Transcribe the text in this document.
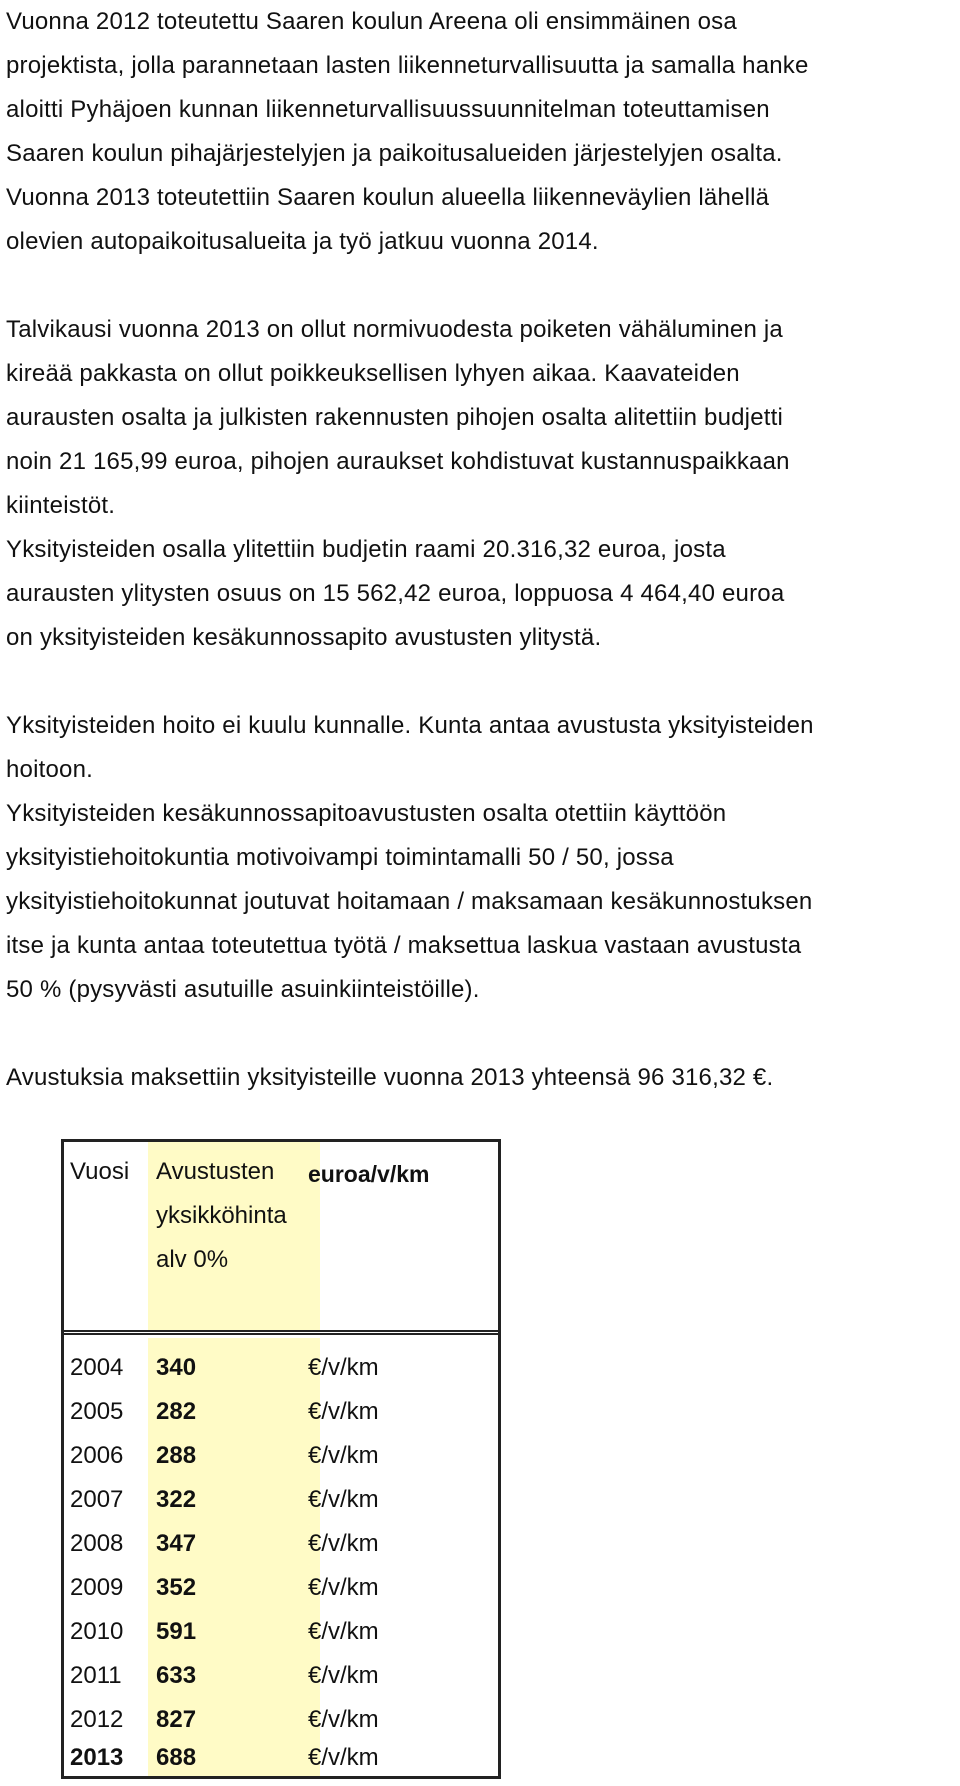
Vuonna 2012 toteutettu Saaren koulun Areena oli ensimmäinen osa
projektista, jolla parannetaan lasten liikenneturvallisuutta ja samalla hanke
aloitti Pyhäjoen kunnan liikenneturvallisuussuunnitelman toteuttamisen
Saaren koulun pihajärjestelyjen ja paikoitusalueiden järjestelyjen osalta.
Vuonna 2013 toteutettiin Saaren koulun alueella liikenneväylien lähellä
olevien autopaikoitusalueita ja työ jatkuu vuonna 2014.
Talvikausi vuonna 2013 on ollut normivuodesta poiketen vähäluminen ja
kireää pakkasta on ollut poikkeuksellisen lyhyen aikaa. Kaavateiden
aurausten osalta ja julkisten rakennusten pihojen osalta alitettiin budjetti
noin 21 165,99 euroa, pihojen auraukset kohdistuvat kustannuspaikkaan
kiinteistöt.
Yksityisteiden osalla ylitettiin budjetin raami 20.316,32 euroa, josta
aurausten ylitysten osuus on 15 562,42 euroa, loppuosa 4 464,40 euroa
on yksityisteiden kesäkunnossapito avustusten ylitystä.
Yksityisteiden hoito ei kuulu kunnalle. Kunta antaa avustusta yksityisteiden
hoitoon.
Yksityisteiden kesäkunnossapitoavustusten osalta otettiin käyttöön
yksityistiehoitokuntia motivoivampi toimintamalli 50 / 50, jossa
yksityistiehoitokunnat joutuvat hoitamaan / maksamaan kesäkunnostuksen
itse ja kunta antaa toteutettua työtä / maksettua laskua vastaan avustusta
50 % (pysyvästi asutuille asuinkiinteistöille).
Avustuksia maksettiin yksityisteille vuonna 2013 yhteensä 96 316,32 €.
Vuosi Avustusten
yksikköhinta
alv 0%
euroa/v/km
2004 340	€/v/km
2005 282	€/v/km
2006 288	€/v/km
2007 322	€/v/km
2008 347	€/v/km
2009 352	€/v/km
2010 591	€/v/km
2011 633	€/v/km
2012 827	€/v/km
2013 688	€/v/km
